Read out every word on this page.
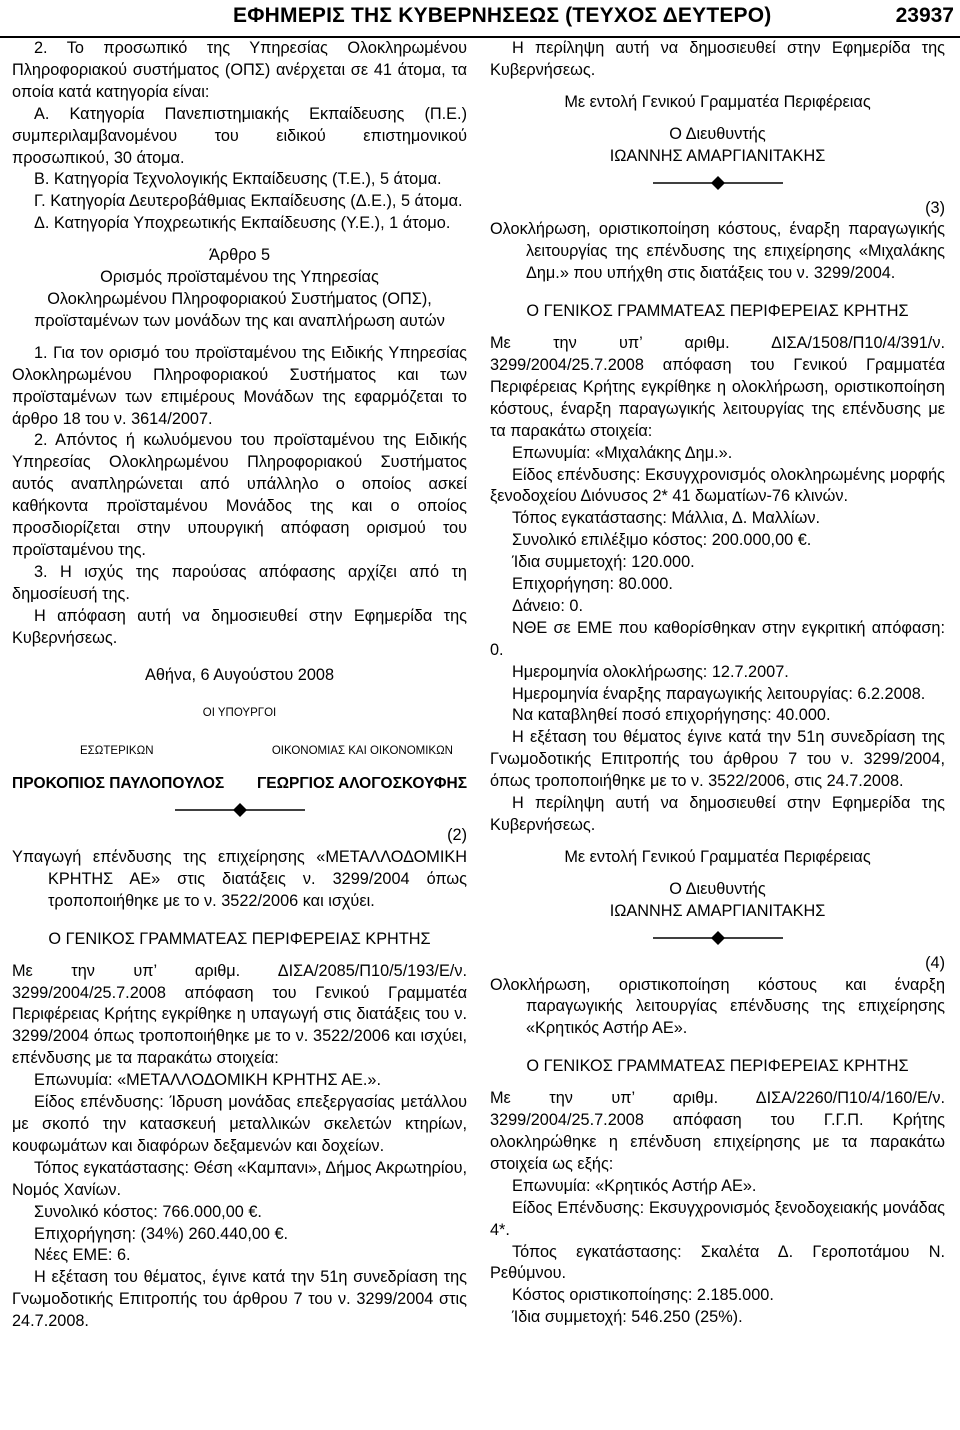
ΕΦΗΜΕΡΙΣ ΤΗΣ ΚΥΒΕΡΝΗΣΕΩΣ (ΤΕΥΧΟΣ ΔΕΥΤΕΡΟ)	23937

2. Το προσωπικό της Υπηρεσίας Ολοκληρωμένου Πληροφοριακού συστήματος (ΟΠΣ) ανέρχεται σε 41 άτομα, τα οποία κατά κατηγορία είναι:

Α. Κατηγορία Πανεπιστημιακής Εκπαίδευσης (Π.Ε.) συμπεριλαμβανομένου του ειδικού επιστημονικού προσωπικού, 30 άτομα.

Β. Κατηγορία Τεχνολογικής Εκπαίδευσης (Τ.Ε.), 5 άτομα.

Γ. Κατηγορία Δευτεροβάθμιας Εκπαίδευσης (Δ.Ε.), 5 άτομα.

Δ. Κατηγορία Υποχρεωτικής Εκπαίδευσης (Υ.Ε.), 1 άτομο.

Άρθρο 5

Ορισμός προϊσταμένου της Υπηρεσίας

Ολοκληρωμένου Πληροφοριακού Συστήματος (ΟΠΣ),

προϊσταμένων των μονάδων της και αναπλήρωση αυτών

1. Για τον ορισμό του προϊσταμένου της Ειδικής Υπηρεσίας Ολοκληρωμένου Πληροφοριακού Συστήματος και των προϊσταμένων των επιμέρους Μονάδων της εφαρμόζεται το άρθρο 18 του ν. 3614/2007.

2. Απόντος ή κωλυόμενου του προϊσταμένου της Ειδικής Υπηρεσίας Ολοκληρωμένου Πληροφοριακού Συστήματος αυτός αναπληρώνεται από υπάλληλο ο οποίος ασκεί καθήκοντα προϊσταμένου Μονάδος της και ο οποίος προσδιορίζεται στην υπουργική απόφαση ορισμού του προϊσταμένου της.

3. Η ισχύς της παρούσας απόφασης αρχίζει από τη δημοσίευσή της.

Η απόφαση αυτή να δημοσιευθεί στην Εφημερίδα της Κυβερνήσεως.

Αθήνα, 6 Αυγούστου 2008

ΟΙ ΥΠΟΥΡΓΟΙ

ΕΣΩΤΕΡΙΚΩΝ	ΟΙΚΟΝΟΜΙΑΣ ΚΑΙ ΟΙΚΟΝΟΜΙΚΩΝ
ΠΡΟΚΟΠΙΟΣ ΠΑΥΛΟΠΟΥΛΟΣ ΓΕΩΡΓΙΟΣ ΑΛΟΓΟΣΚΟΥΦΗΣ

(2)

Υπαγωγή επένδυσης της επιχείρησης «ΜΕΤΑΛΛΟΔΟΜΙΚΗ ΚΡΗΤΗΣ ΑΕ» στις διατάξεις ν. 3299/2004 όπως τροποποιήθηκε με το ν. 3522/2006 και ισχύει.

Ο ΓΕΝΙΚΟΣ ΓΡΑΜΜΑΤΕΑΣ ΠΕΡΙΦΕΡΕΙΑΣ ΚΡΗΤΗΣ

Με την υπ’ αριθμ. ΔΙΣΑ/2085/Π10/5/193/Ε/ν. 3299/2004/25.7.2008 απόφαση του Γενικού Γραμματέα Περιφέρειας Κρήτης εγκρίθηκε η υπαγωγή στις διατάξεις του ν. 3299/2004 όπως τροποποιήθηκε με το ν. 3522/2006 και ισχύει, επένδυσης με τα παρακάτω στοιχεία:

Επωνυμία: «ΜΕΤΑΛΛΟΔΟΜΙΚΗ ΚΡΗΤΗΣ ΑΕ.».

Είδος επένδυσης: Ίδρυση μονάδας επεξεργασίας μετάλλου με σκοπό την κατασκευή μεταλλικών σκελετών κτηρίων, κουφωμάτων και διαφόρων δεξαμενών και δοχείων.

Τόπος εγκατάστασης: Θέση «Καμπανι», Δήμος Ακρωτηρίου, Νομός Χανίων.

Συνολικό κόστος: 766.000,00 €.

Επιχορήγηση: (34%) 260.440,00 €.

Νέες ΕΜΕ: 6.

Η εξέταση του θέματος, έγινε κατά την 51η συνεδρίαση της Γνωμοδοτικής Επιτροπής του άρθρου 7 του ν. 3299/2004 στις 24.7.2008.

Η περίληψη αυτή να δημοσιευθεί στην Εφημερίδα της Κυβερνήσεως.

Με εντολή Γενικού Γραμματέα Περιφέρειας

Ο Διευθυντής

ΙΩΑΝΝΗΣ ΑΜΑΡΓΙΑΝΙΤΑΚΗΣ

(3)

Ολοκλήρωση, οριστικοποίηση κόστους, έναρξη παραγωγικής λειτουργίας της επένδυσης της επιχείρησης «Μιχαλάκης Δημ.» που υπήχθη στις διατάξεις του ν. 3299/2004.

Ο ΓΕΝΙΚΟΣ ΓΡΑΜΜΑΤΕΑΣ ΠΕΡΙΦΕΡΕΙΑΣ ΚΡΗΤΗΣ

Με την υπ’ αριθμ. ΔΙΣΑ/1508/Π10/4/391/ν. 3299/2004/25.7.2008 απόφαση του Γενικού Γραμματέα Περιφέρειας Κρήτης εγκρίθηκε η ολοκλήρωση, οριστικοποίηση κόστους, έναρξη παραγωγικής λειτουργίας της επένδυσης με τα παρακάτω στοιχεία:

Επωνυμία: «Μιχαλάκης Δημ.».

Είδος επένδυσης: Εκσυγχρονισμός ολοκληρωμένης μορφής ξενοδοχείου Διόνυσος 2* 41 δωματίων-76 κλινών.

Τόπος εγκατάστασης: Μάλλια, Δ. Μαλλίων.

Συνολικό επιλέξιμο κόστος: 200.000,00 €.

Ίδια συμμετοχή: 120.000.

Επιχορήγηση: 80.000.

Δάνειο: 0.

ΝΘΕ σε ΕΜΕ που καθορίσθηκαν στην εγκριτική απόφαση: 0.

Ημερομηνία ολοκλήρωσης: 12.7.2007.

Ημερομηνία έναρξης παραγωγικής λειτουργίας: 6.2.2008.

Να καταβληθεί ποσό επιχορήγησης: 40.000.

Η εξέταση του θέματος έγινε κατά την 51η συνεδρίαση της Γνωμοδοτικής Επιτροπής του άρθρου 7 του ν. 3299/2004, όπως τροποποιήθηκε με το ν. 3522/2006, στις 24.7.2008.

Η περίληψη αυτή να δημοσιευθεί στην Εφημερίδα της Κυβερνήσεως.

Με εντολή Γενικού Γραμματέα Περιφέρειας

Ο Διευθυντής

ΙΩΑΝΝΗΣ ΑΜΑΡΓΙΑΝΙΤΑΚΗΣ

(4)

Ολοκλήρωση, οριστικοποίηση κόστους και έναρξη παραγωγικής λειτουργίας επένδυσης της επιχείρησης «Κρητικός Αστήρ ΑΕ».

Ο ΓΕΝΙΚΟΣ ΓΡΑΜΜΑΤΕΑΣ ΠΕΡΙΦΕΡΕΙΑΣ ΚΡΗΤΗΣ

Με την υπ’ αριθμ. ΔΙΣΑ/2260/Π10/4/160/Ε/ν. 3299/2004/25.7.2008 απόφαση του Γ.Γ.Π. Κρήτης ολοκληρώθηκε η επένδυση επιχείρησης με τα παρακάτω στοιχεία ως εξής:

Επωνυμία: «Κρητικός Αστήρ ΑΕ».

Είδος Επένδυσης: Εκσυγχρονισμός ξενοδοχειακής μονάδας 4*.

Τόπος εγκατάστασης: Σκαλέτα Δ. Γεροποτάμου Ν. Ρεθύμνου.

Κόστος οριστικοποίησης: 2.185.000.

Ίδια συμμετοχή: 546.250 (25%).
